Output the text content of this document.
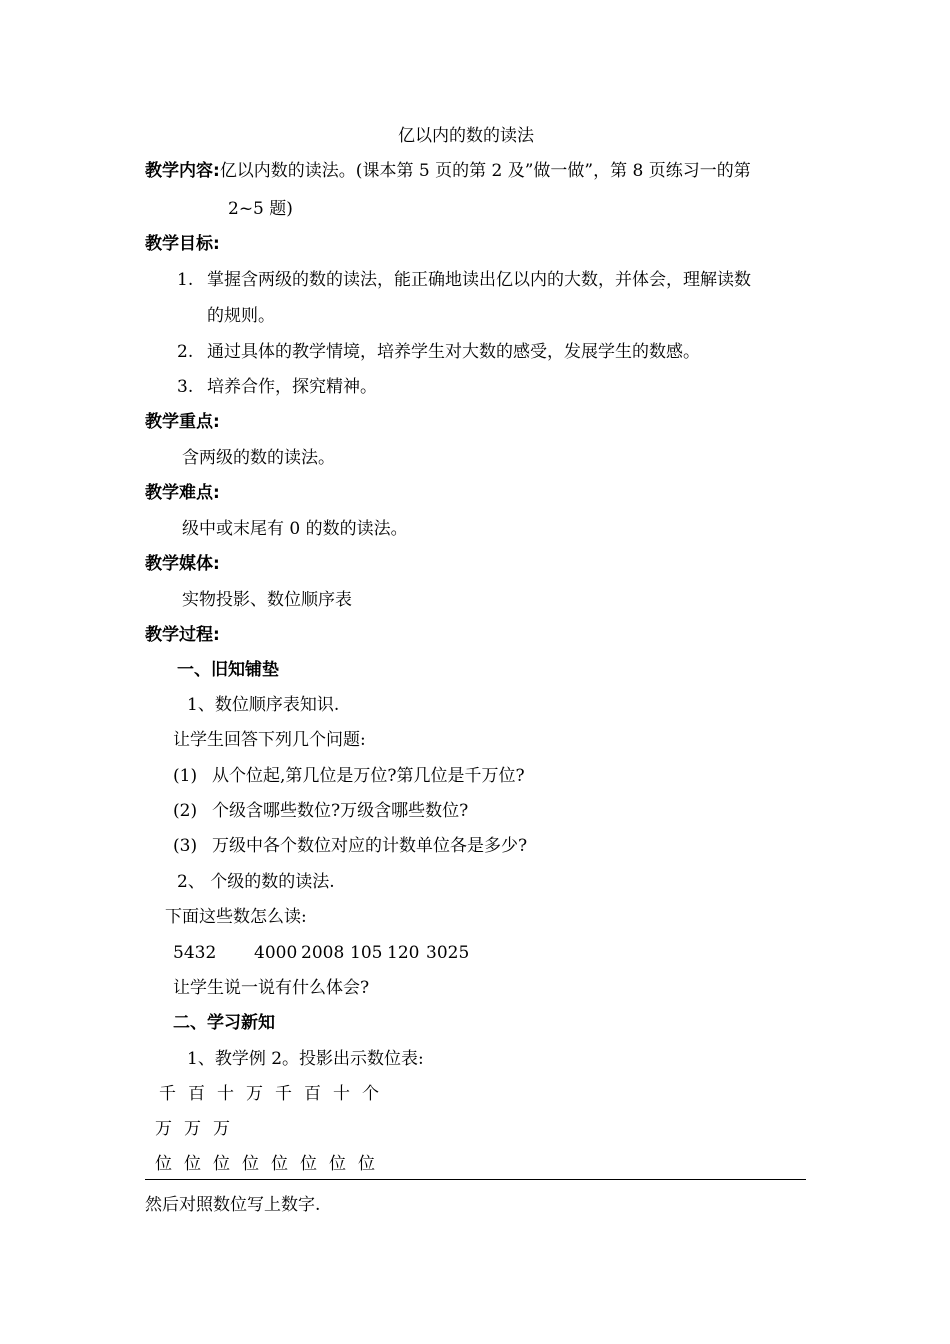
亿以内的数的读法
教学内容:亿以内数的读法。(课本第 5 页的第 2 及”做一做”，第 8 页练习一的第
2~5 题)
教学目标:
1. 掌握含两级的数的读法，能正确地读出亿以内的大数，并体会，理解读数
的规则。
2. 通过具体的教学情境，培养学生对大数的感受，发展学生的数感。
3. 培养合作，探究精神。
教学重点:
含两级的数的读法。
教学难点:
级中或末尾有 0 的数的读法。
教学媒体:
实物投影、数位顺序表
教学过程:
一、旧知铺垫
1、数位顺序表知识.
让学生回答下列几个问题:
(1) 从个位起,第几位是万位?第几位是千万位?
(2) 个级含哪些数位?万级含哪些数位?
(3) 万级中各个数位对应的计数单位各是多少?
2、 个级的数的读法.
下面这些数怎么读:
5432 4000 2008 105 120 3025
让学生说一说有什么体会?
二、学习新知
1、教学例 2。投影出示数位表:
千 百 十 万 千 百 十 个
万 万 万
位 位 位 位 位 位 位 位
然后对照数位写上数字.
